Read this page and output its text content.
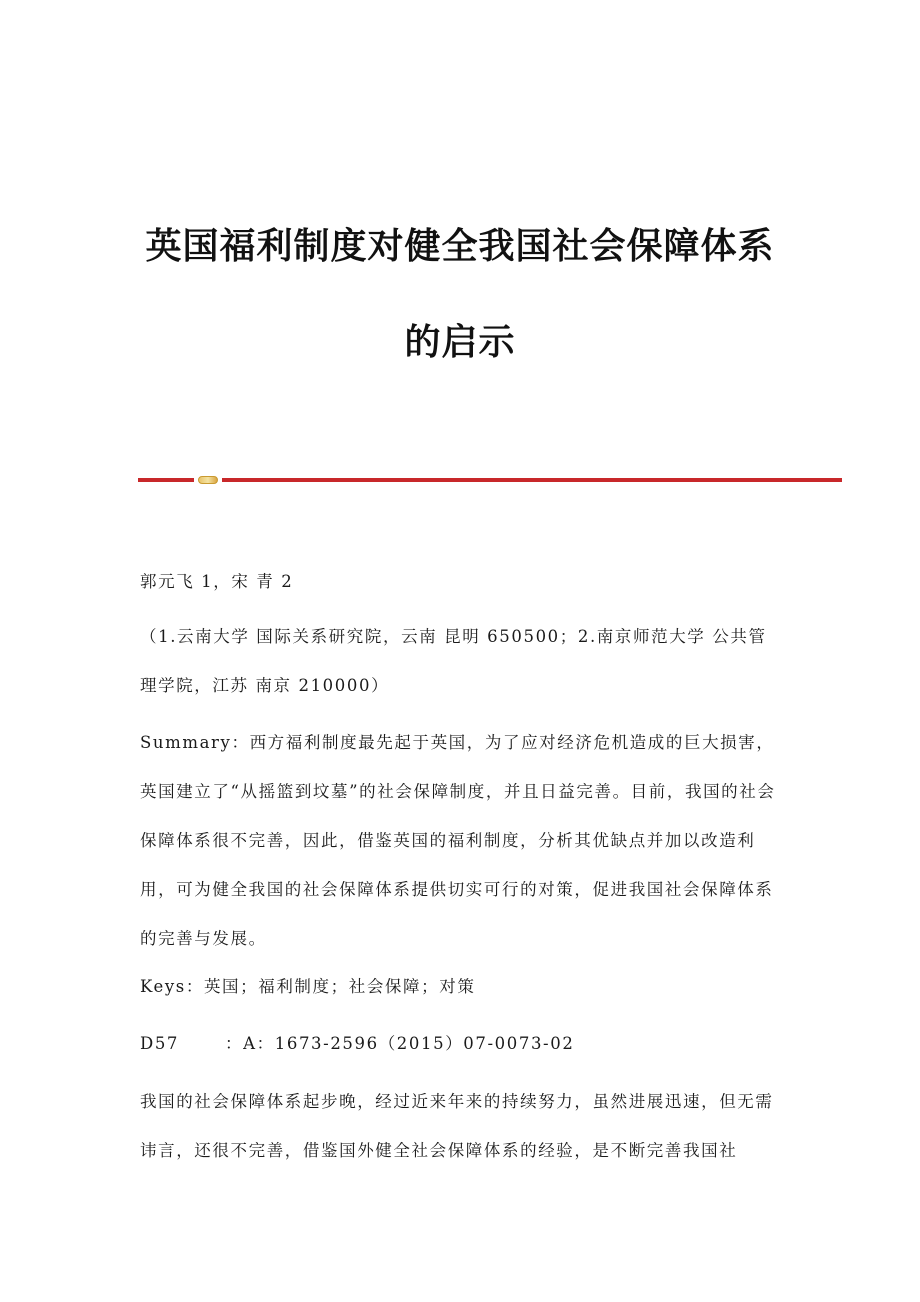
英国福利制度对健全我国社会保障体系
的启示
郭元飞 1，宋 青 2
（1.云南大学 国际关系研究院，云南 昆明 650500；2.南京师范大学 公共管理学院，江苏 南京 210000）
Summary：西方福利制度最先起于英国，为了应对经济危机造成的巨大损害，英国建立了“从摇篮到坟墓”的社会保障制度，并且日益完善。目前，我国的社会保障体系很不完善，因此，借鉴英国的福利制度，分析其优缺点并加以改造利用，可为健全我国的社会保障体系提供切实可行的对策，促进我国社会保障体系的完善与发展。
Keys：英国；福利制度；社会保障；对策
D57	：A：1673-2596（2015）07-0073-02
我国的社会保障体系起步晚，经过近来年来的持续努力，虽然进展迅速，但无需讳言，还很不完善，借鉴国外健全社会保障体系的经验，是不断完善我国社
